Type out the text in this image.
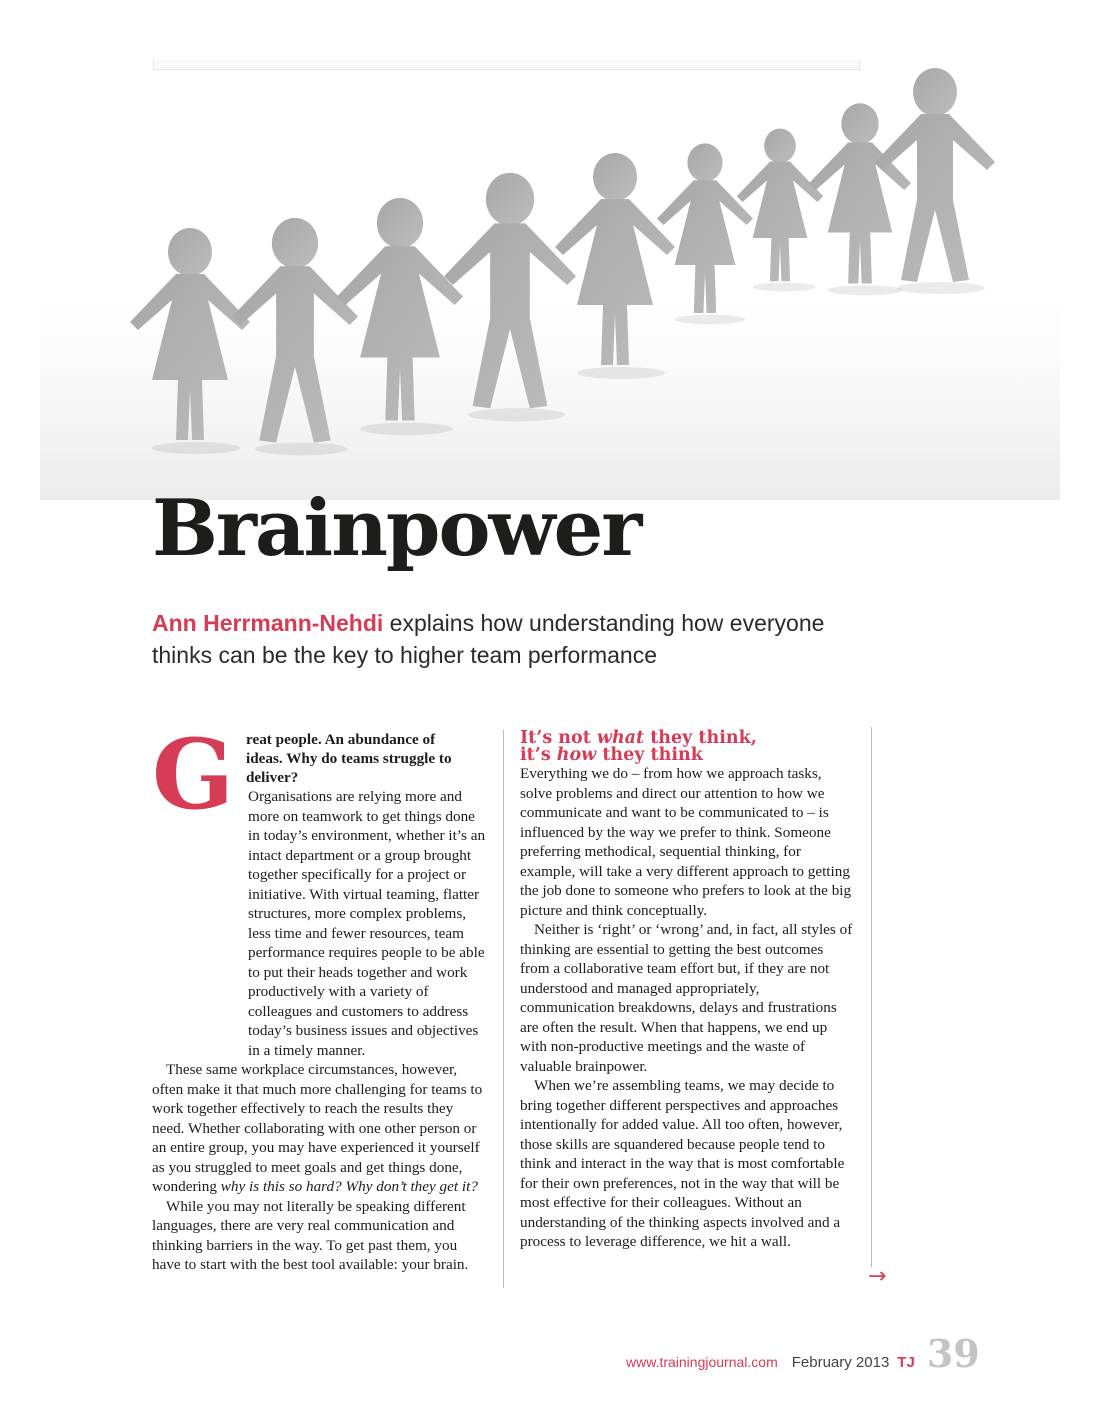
Brainpower

Ann Herrmann-Nehdi explains how understanding how everyone thinks can be the key to higher team performance

G reat people. An abundance of ideas. Why do teams struggle to deliver?

Organisations are relying more and more on teamwork to get things done in today’s environment, whether it’s an intact department or a group brought together specifically for a project or initiative. With virtual teaming, flatter structures, more complex problems, less time and fewer resources, team performance requires people to be able to put their heads together and work productively with a variety of colleagues and customers to address today’s business issues and objectives in a timely manner.

These same workplace circumstances, however, often make it that much more challenging for teams to work together effectively to reach the results they need. Whether collaborating with one other person or an entire group, you may have experienced it yourself as you struggled to meet goals and get things done, wondering why is this so hard? Why don’t they get it?

While you may not literally be speaking different languages, there are very real communication and thinking barriers in the way. To get past them, you have to start with the best tool available: your brain.

It’s not what they think,
it’s how they think

Everything we do – from how we approach tasks, solve problems and direct our attention to how we communicate and want to be communicated to – is influenced by the way we prefer to think. Someone preferring methodical, sequential thinking, for example, will take a very different approach to getting the job done to someone who prefers to look at the big picture and think conceptually.

Neither is ‘right’ or ‘wrong’ and, in fact, all styles of thinking are essential to getting the best outcomes from a collaborative team effort but, if they are not understood and managed appropriately, communication breakdowns, delays and frustrations are often the result. When that happens, we end up with non-productive meetings and the waste of valuable brainpower.

When we’re assembling teams, we may decide to bring together different perspectives and approaches intentionally for added value. All too often, however, those skills are squandered because people tend to think and interact in the way that is most comfortable for their own preferences, not in the way that will be most effective for their colleagues. Without an understanding of the thinking aspects involved and a process to leverage difference, we hit a wall.

→
www.trainingjournal.com February 2013 TJ 39
